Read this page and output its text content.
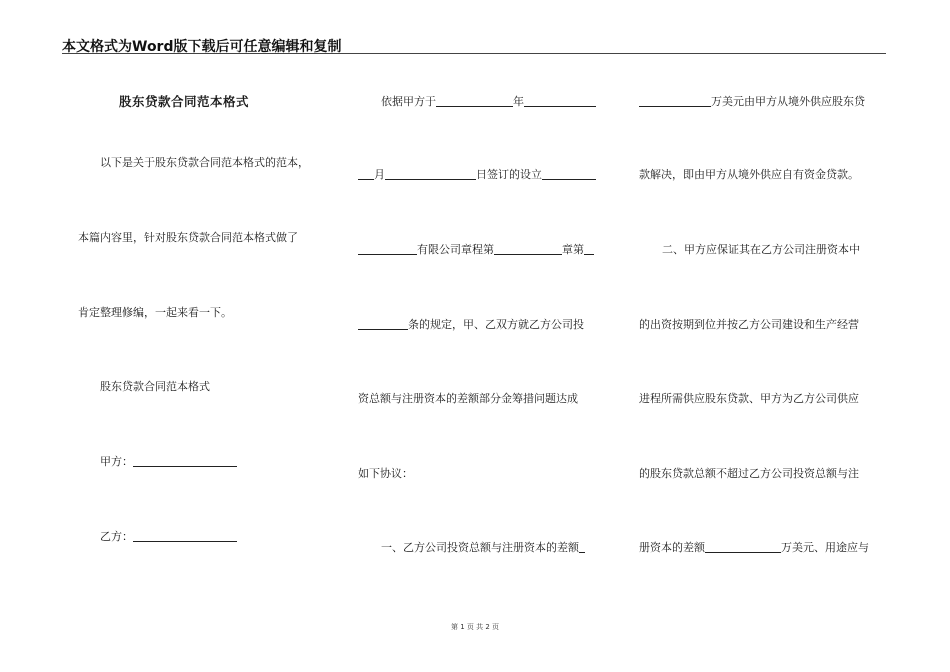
本文格式为Word版下载后可任意编辑和复制
股东贷款合同范本格式
以下是关于股东贷款合同范本格式的范本，
本篇内容里，针对股东贷款合同范本格式做了
肯定整理修编，一起来看一下。
股东贷款合同范本格式
甲方：
乙方：
依据甲方于	年
月	日签订的设立
有限公司章程第	章第
条的规定，甲、乙双方就乙方公司投
资总额与注册资本的差额部分金筹措问题达成
如下协议：
一、乙方公司投资总额与注册资本的差额
万美元由甲方从境外供应股东贷
款解决，即由甲方从境外供应自有资金贷款。
二、甲方应保证其在乙方公司注册资本中
的出资按期到位并按乙方公司建设和生产经营
进程所需供应股东贷款、甲方为乙方公司供应
的股东贷款总额不超过乙方公司投资总额与注
册资本的差额	万美元、用途应与
第 1 页 共 2 页
